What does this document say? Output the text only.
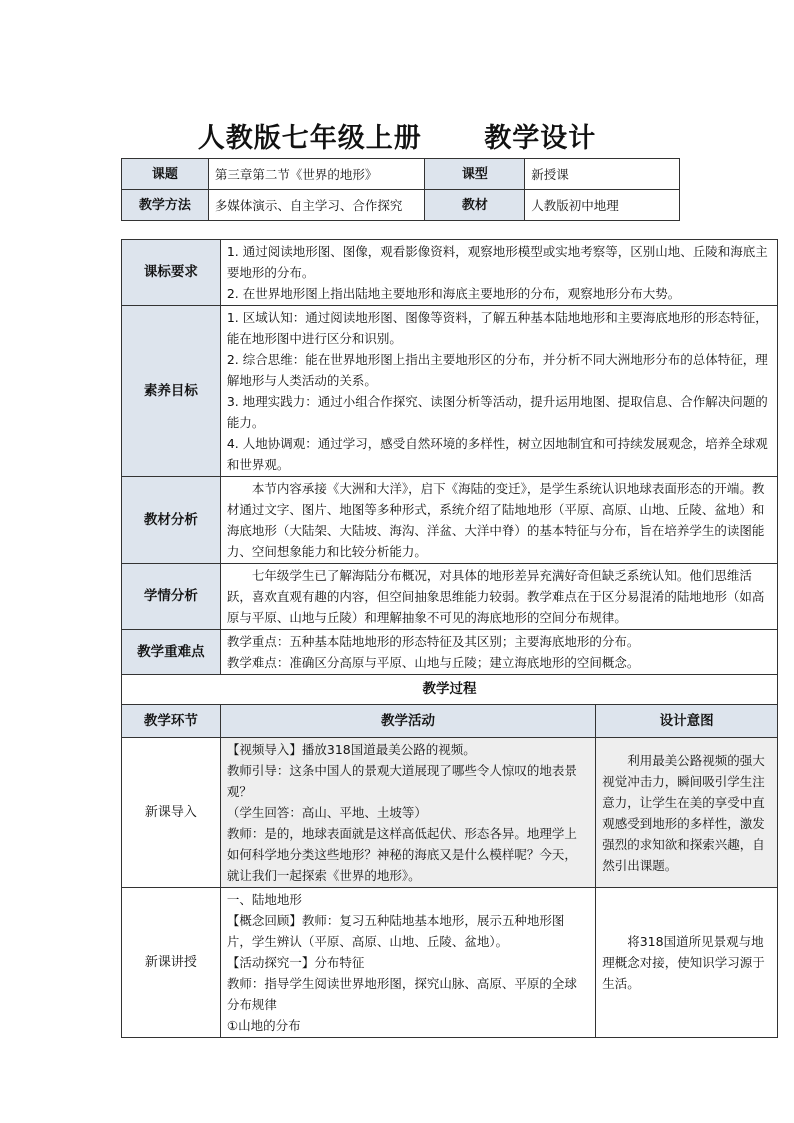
人教版七年级上册      教学设计
课题	第三章第二节《世界的地形》	课型	新授课
教学方法	多媒体演示、自主学习、合作探究	教材	人教版初中地理
课标要求	1. 通过阅读地形图、图像，观看影像资料，观察地形模型或实地考察等，区别山地、丘陵和海底主要地形的分布。

2. 在世界地形图上指出陆地主要地形和海底主要地形的分布，观察地形分布大势。	

素养目标	1. 区域认知：通过阅读地形图、图像等资料，了解五种基本陆地地形和主要海底地形的形态特征，能在地形图中进行区分和识别。

2. 综合思维：能在世界地形图上指出主要地形区的分布，并分析不同大洲地形分布的总体特征，理解地形与人类活动的关系。

3. 地理实践力：通过小组合作探究、读图分析等活动，提升运用地图、提取信息、合作解决问题的能力。

4. 人地协调观：通过学习，感受自然环境的多样性，树立因地制宜和可持续发展观念，培养全球观和世界观。	

教材分析	本节内容承接《大洲和大洋》，启下《海陆的变迁》，是学生系统认识地球表面形态的开端。教材通过文字、图片、地图等多种形式，系统介绍了陆地地形（平原、高原、山地、丘陵、盆地）和海底地形（大陆架、大陆坡、海沟、洋盆、大洋中脊）的基本特征与分布，旨在培养学生的读图能力、空间想象能力和比较分析能力。	
学情分析	七年级学生已了解海陆分布概况，对具体的地形差异充满好奇但缺乏系统认知。他们思维活跃，喜欢直观有趣的内容，但空间抽象思维能力较弱。教学难点在于区分易混淆的陆地地形（如高原与平原、山地与丘陵）和理解抽象不可见的海底地形的空间分布规律。	
教学重难点	教学重点：五种基本陆地地形的形态特征及其区别；主要海底地形的分布。

教学难点：准确区分高原与平原、山地与丘陵；建立海底地形的空间概念。	

教学过程		
教学环节	教学活动	设计意图
新课导入	【视频导入】播放318国道最美公路的视频。

教师引导：这条中国人的景观大道展现了哪些令人惊叹的地表景观？

（学生回答：高山、平地、土坡等）

教师：是的，地球表面就是这样高低起伏、形态各异。地理学上如何科学地分类这些地形？神秘的海底又是什么模样呢？今天，就让我们一起探索《世界的地形》。	利用最美公路视频的强大视觉冲击力，瞬间吸引学生注意力，让学生在美的享受中直观感受到地形的多样性，激发强烈的求知欲和探索兴趣，自然引出课题。
新课讲授	一、陆地地形

【概念回顾】教师：复习五种陆地基本地形，展示五种地形图片，学生辨认（平原、高原、山地、丘陵、盆地）。

【活动探究一】分布特征

教师：指导学生阅读世界地形图，探究山脉、高原、平原的全球分布规律

①山地的分布	将318国道所见景观与地理概念对接，使知识学习源于生活。
